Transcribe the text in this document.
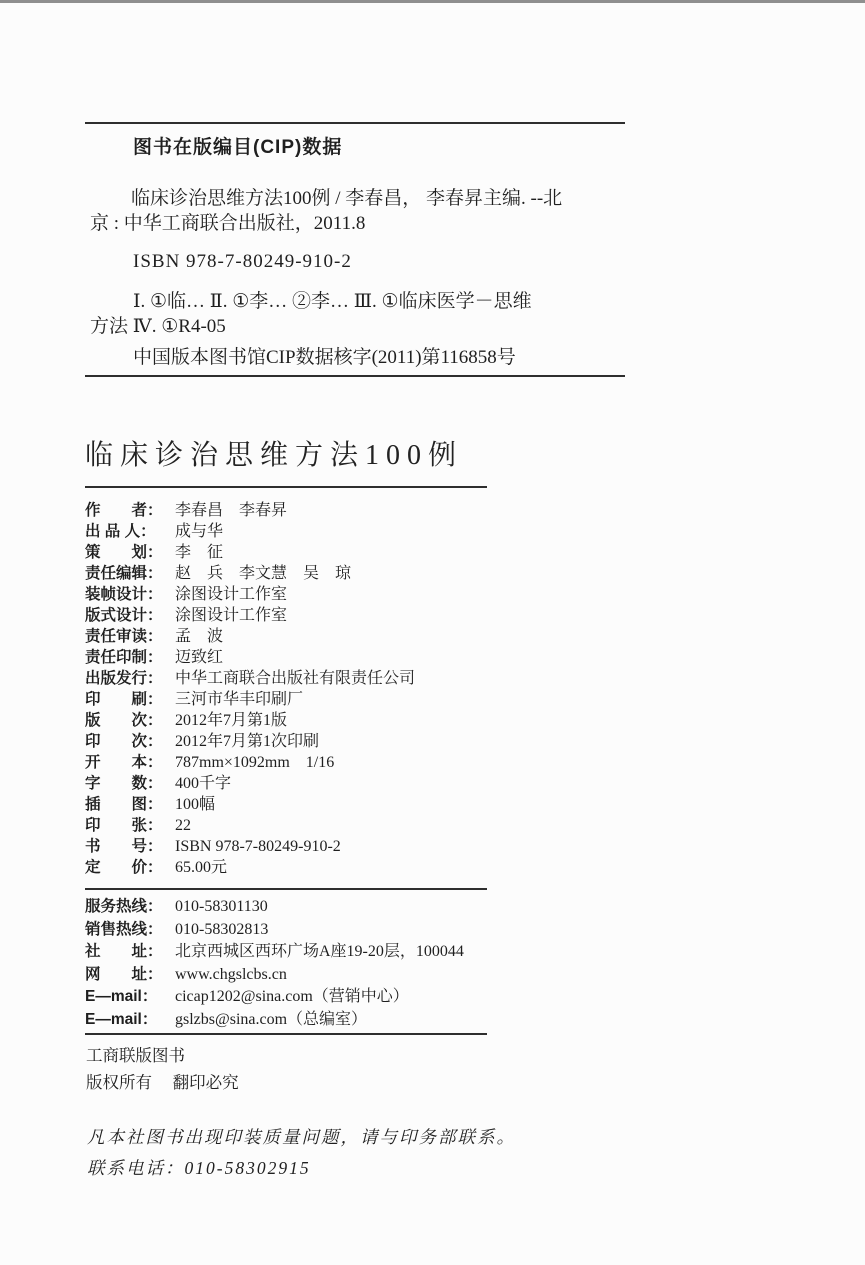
图书在版编目(CIP)数据
临床诊治思维方法100例 / 李春昌， 李春昇主编. --北
京 : 中华工商联合出版社，2011.8
ISBN 978-7-80249-910-2
Ⅰ. ①临… Ⅱ. ①李… ②李… Ⅲ. ①临床医学－思维
方法 Ⅳ. ①R4-05
中国版本图书馆CIP数据核字(2011)第116858号
临床诊治思维方法100例
作　　者： 李春昌　李春昇
出 品 人： 成与华
策　　划： 李　征
责任编辑： 赵　兵　李文慧　吴　琼
装帧设计： 涂图设计工作室
版式设计： 涂图设计工作室
责任审读： 孟　波
责任印制： 迈致红
出版发行： 中华工商联合出版社有限责任公司
印　　刷： 三河市华丰印刷厂
版　　次： 2012年7月第1版
印　　次： 2012年7月第1次印刷
开　　本： 787mm×1092mm　1/16
字　　数： 400千字
插　　图： 100幅
印　　张： 22
书　　号： ISBN 978-7-80249-910-2
定　　价： 65.00元
服务热线： 010-58301130
销售热线： 010-58302813
社　　址： 北京西城区西环广场A座19-20层，100044
网　　址： www.chgslcbs.cn
E—mail： cicap1202@sina.com（营销中心）
E—mail： gslzbs@sina.com（总编室）
工商联版图书
版权所有　 翻印必究
凡本社图书出现印装质量问题，请与印务部联系。
联系电话：010-58302915
